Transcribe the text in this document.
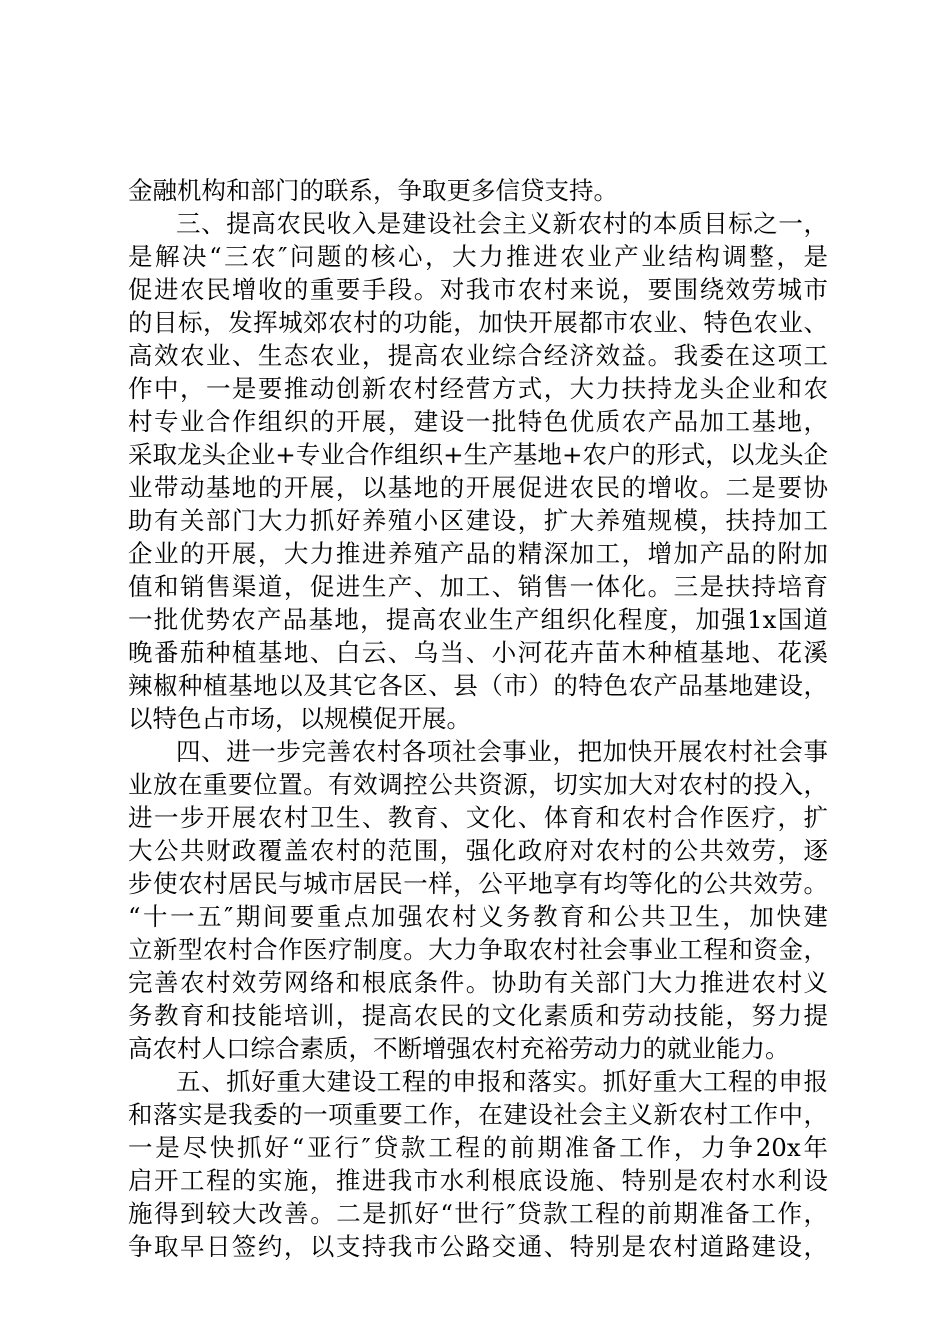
金融机构和部门的联系，争取更多信贷支持。
三、提高农民收入是建设社会主义新农村的本质目标之一，
是解决“三农″问题的核心，大力推进农业产业结构调整，是
促进农民增收的重要手段。对我市农村来说，要围绕效劳城市
的目标，发挥城郊农村的功能，加快开展都市农业、特色农业、
高效农业、生态农业，提高农业综合经济效益。我委在这项工
作中，一是要推动创新农村经营方式，大力扶持龙头企业和农
村专业合作组织的开展，建设一批特色优质农产品加工基地，
采取龙头企业+专业合作组织+生产基地+农户的形式，以龙头企
业带动基地的开展，以基地的开展促进农民的增收。二是要协
助有关部门大力抓好养殖小区建设，扩大养殖规模，扶持加工
企业的开展，大力推进养殖产品的精深加工，增加产品的附加
值和销售渠道，促进生产、加工、销售一体化。三是扶持培育
一批优势农产品基地，提高农业生产组织化程度，加强1x国道
晚番茄种植基地、白云、乌当、小河花卉苗木种植基地、花溪
辣椒种植基地以及其它各区、县（市）的特色农产品基地建设，
以特色占市场，以规模促开展。
四、进一步完善农村各项社会事业，把加快开展农村社会事
业放在重要位置。有效调控公共资源，切实加大对农村的投入，
进一步开展农村卫生、教育、文化、体育和农村合作医疗，扩
大公共财政覆盖农村的范围，强化政府对农村的公共效劳，逐
步使农村居民与城市居民一样，公平地享有均等化的公共效劳。
“十一五″期间要重点加强农村义务教育和公共卫生，加快建
立新型农村合作医疗制度。大力争取农村社会事业工程和资金，
完善农村效劳网络和根底条件。协助有关部门大力推进农村义
务教育和技能培训，提高农民的文化素质和劳动技能，努力提
高农村人口综合素质，不断增强农村充裕劳动力的就业能力。
五、抓好重大建设工程的申报和落实。抓好重大工程的申报
和落实是我委的一项重要工作，在建设社会主义新农村工作中，
一是尽快抓好“亚行″贷款工程的前期准备工作，力争20x年
启开工程的实施，推进我市水利根底设施、特别是农村水利设
施得到较大改善。二是抓好“世行″贷款工程的前期准备工作，
争取早日签约，以支持我市公路交通、特别是农村道路建设，
